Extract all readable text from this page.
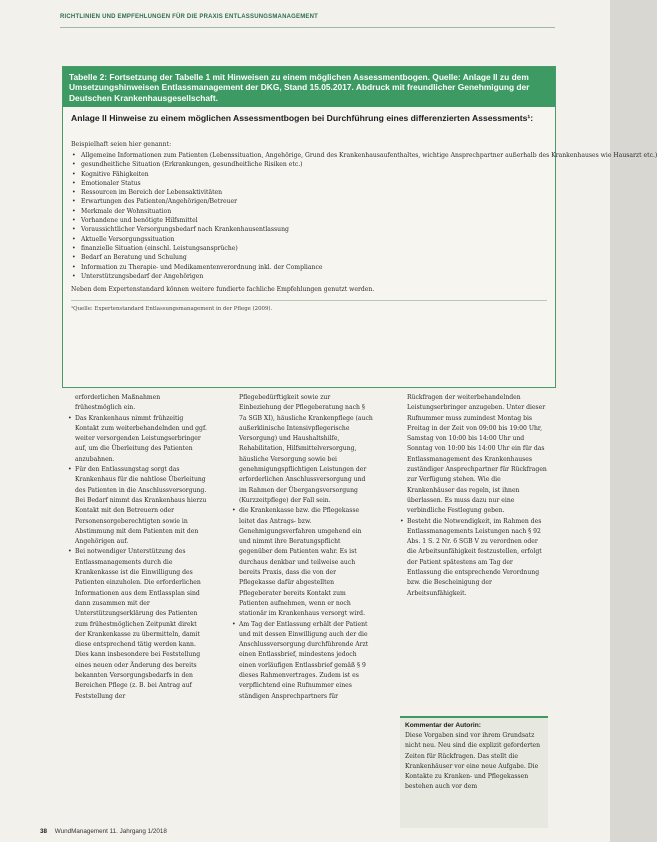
RICHTLINIEN UND EMPFEHLUNGEN FÜR DIE PRAXIS ENTLASSUNGSMANAGEMENT
Tabelle 2: Fortsetzung der Tabelle 1 mit Hinweisen zu einem möglichen Assessmentbogen. Quelle: Anlage II zu dem Umsetzungshinweisen Entlassmanagement der DKG, Stand 15.05.2017. Abdruck mit freundlicher Genehmigung der Deutschen Krankenhausgesellschaft.
Anlage II Hinweise zu einem möglichen Assessmentbogen bei Durchführung eines differenzierten Assessments¹:
Beispielhaft seien hier genannt:
• Allgemeine Informationen zum Patienten (Lebenssituation, Angehörige, Grund des Krankenhausaufenthaltes, wichtige Ansprechpartner außerhalb des Krankenhauses wie Hausarzt etc.)
• gesundheitliche Situation (Erkrankungen, gesundheitliche Risiken etc.)
• Kognitive Fähigkeiten
• Emotionaler Status
• Ressourcen im Bereich der Lebensaktivitäten
• Erwartungen des Patienten/Angehörigen/Betreuer
• Merkmale der Wohnsituation
• Vorhandene und benötigte Hilfsmittel
• Voraussichtlicher Versorgungsbedarf nach Krankenhausentlassung
• Aktuelle Versorgungssituation
• finanzielle Situation (einschl. Leistungsansprüche)
• Bedarf an Beratung und Schulung
• Information zu Therapie- und Medikamentenverordnung inkl. der Compliance
• Unterstützungsbedarf der Angehörigen
Neben dem Expertenstandard können weitere fundierte fachliche Empfehlungen genutzt werden.
¹Quelle: Expertenstandard Entlassungsmanagement in der Pflege (2009).

erforderlichen Maßnahmen frühestmöglich ein.

• Das Krankenhaus nimmt frühzeitig Kontakt zum weiterbehandelnden und ggf. weiter versorgenden Leistungserbringer auf, um die Überleitung des Patienten anzubahnen.
• Für den Entlassungstag sorgt das Krankenhaus für die nahtlose Überleitung des Patienten in die Anschlussversorgung. Bei Bedarf nimmt das Krankenhaus hierzu Kontakt mit den Betreuern oder Personensorgeberechtigten sowie in Abstimmung mit dem Patienten mit den Angehörigen auf.
• Bei notwendiger Unterstützung des Entlassmanagements durch die Krankenkasse ist die Einwilligung des Patienten einzuholen. Die erforderlichen Informationen aus dem Entlassplan sind dann zusammen mit der Unterstützungserklärung des Patienten zum frühestmöglichen Zeitpunkt direkt der Krankenkasse zu übermitteln, damit diese entsprechend tätig werden kann. Dies kann insbesondere bei Feststellung eines neuen oder Änderung des bereits bekannten Versorgungsbedarfs in den Bereichen Pflege (z. B. bei Antrag auf Feststellung der

Pflegebedürftigkeit sowie zur Einbeziehung der Pflegeberatung nach § 7a SGB XI), häusliche Krankenpflege (auch außerklinische Intensivpflegerische Versorgung) und Haushaltshilfe, Rehabilitation, Hilfsmittelversorgung, häusliche Versorgung sowie bei genehmigungspflichtigen Leistungen der erforderlichen Anschlussversorgung und im Rahmen der Übergangsversorgung (Kurzzeitpflege) der Fall sein.

• die Krankenkasse bzw. die Pflegekasse leitet das Antrags- bzw. Genehmigungsverfahren umgehend ein und nimmt ihre Beratungspflicht gegenüber dem Patienten wahr. Es ist durchaus denkbar und teilweise auch bereits Praxis, dass die von der Pflegekasse dafür abgestellten Pflegeberater bereits Kontakt zum Patienten aufnehmen, wenn er noch stationär im Krankenhaus versorgt wird.
• Am Tag der Entlassung erhält der Patient und mit dessen Einwilligung auch der die Anschlussversorgung durchführende Arzt einen Entlassbrief, mindestens jedoch einen vorläufigen Entlassbrief gemäß § 9 dieses Rahmenvertrages. Zudem ist es verpflichtend eine Rufnummer eines ständigen Ansprechpartners für

Rückfragen der weiterbehandelnden Leistungserbringer anzugeben. Unter dieser Rufnummer muss zumindest Montag bis Freitag in der Zeit von 09:00 bis 19:00 Uhr, Samstag von 10:00 bis 14:00 Uhr und Sonntag von 10:00 bis 14:00 Uhr ein für das Entlassmanagement des Krankenhauses zuständiger Ansprechpartner für Rückfragen zur Verfügung stehen. Wie die Krankenhäuser das regeln, ist ihnen überlassen. Es muss dazu nur eine verbindliche Festlegung geben.

• Besteht die Notwendigkeit, im Rahmen des Entlassmanagements Leistungen nach § 92 Abs. 1 S. 2 Nr. 6 SGB V zu verordnen oder die Arbeitsunfähigkeit festzustellen, erfolgt der Patient spätestens am Tag der Entlassung die entsprechende Verordnung bzw. die Bescheinigung der Arbeitsunfähigkeit.
Kommentar der Autorin:
Diese Vorgaben sind vor ihrem Grundsatz nicht neu. Neu sind die explizit geforderten Zeiten für Rückfragen. Das stellt die Krankenhäuser vor eine neue Aufgabe. Die Kontakte zu Kranken- und Pflegekassen bestehen auch vor dem
38 WundManagement 11. Jahrgang 1/2018
